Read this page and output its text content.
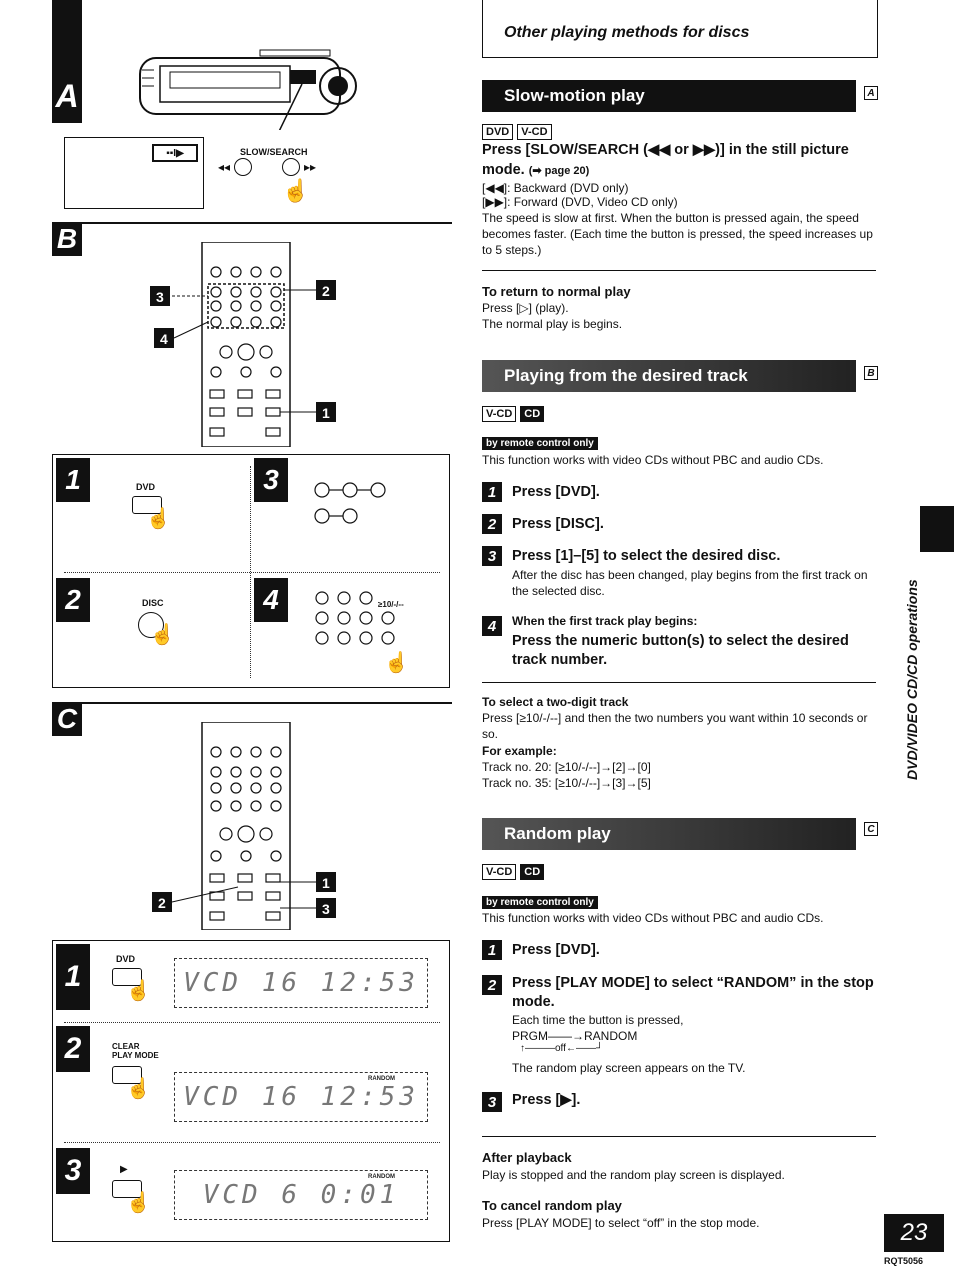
A
▪▪I▶	SLOW/SEARCH
◂◂	▸▸
☝
B
3	2
4
1
1	DVD
☝
3
2	DISC
☝
4	≥10/-/--
☝
C
2
1
3
1
DVD
☝ VCD 16 12:53
2	CLEAR
PLAY MODE
☝ VCD 16 12:53
RANDOM
3	▶
☝ VCD 6 0:01
RANDOM
Other playing methods for discs
Slow-motion play	A
DVD V-CD
Press [SLOW/SEARCH (◀◀ or ▶▶)] in the still picture mode. (➡ page 20)
[◀◀]: Backward (DVD only)
[▶▶]: Forward (DVD, Video CD only)
The speed is slow at first. When the button is pressed again, the speed becomes faster. (Each time the button is pressed, the speed increases up to 5 steps.)
To return to normal play
Press [▷] (play).
The normal play is begins.
Playing from the desired track	B
V-CD CD
by remote control only
This function works with video CDs without PBC and audio CDs.
1	Press [DVD].
2	Press [DISC].
3	Press [1]–[5] to select the desired disc.
After the disc has been changed, play begins from the first track on the selected disc.
4	When the first track play begins:
Press the numeric button(s) to select the desired track number.
To select a two-digit track
Press [≥10/-/--] and then the two numbers you want within 10 seconds or so.
For example:
Track no. 20: [≥10/-/--]→[2]→[0]
Track no. 35: [≥10/-/--]→[3]→[5]
Random play	C
V-CD CD
by remote control only
This function works with video CDs without PBC and audio CDs.
1	Press [DVD].
2	Press [PLAY MODE] to select “RANDOM” in the stop mode.
Each time the button is pressed,
PRGM——→RANDOM
↑———off←——┘
The random play screen appears on the TV.
3	Press [▶].
After playback
Play is stopped and the random play screen is displayed.
To cancel random play
Press [PLAY MODE] to select “off” in the stop mode.
DVD/VIDEO CD/CD operations
23
RQT5056
